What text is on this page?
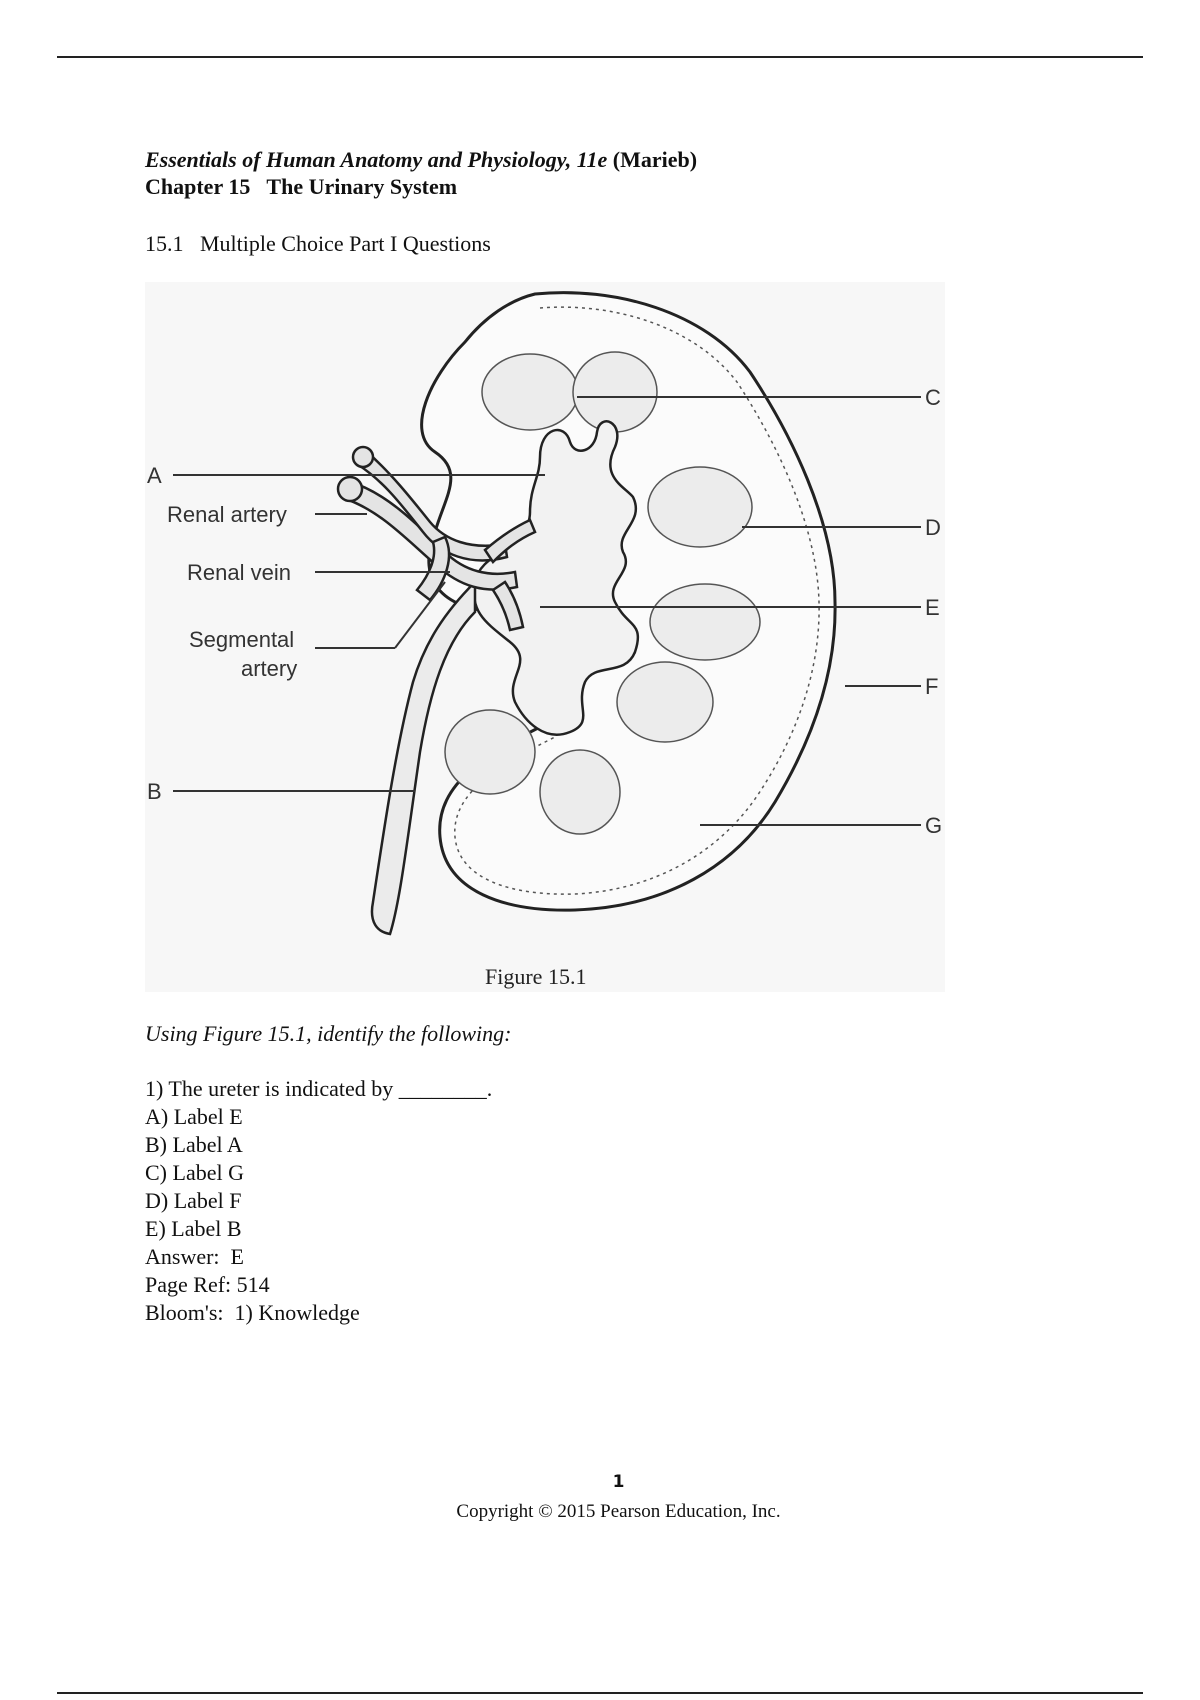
Essentials of Human Anatomy and Physiology, 11e (Marieb)
Chapter 15   The Urinary System
15.1   Multiple Choice Part I Questions
A
Renal artery
Renal vein
Segmental
artery
B
C
D
E
F
G
Figure 15.1
Using Figure 15.1, identify the following:
1) The ureter is indicated by ________.
A) Label E
B) Label A
C) Label G
D) Label F
E) Label B
Answer:  E
Page Ref: 514
Bloom's:  1) Knowledge
1
Copyright © 2015 Pearson Education, Inc.
